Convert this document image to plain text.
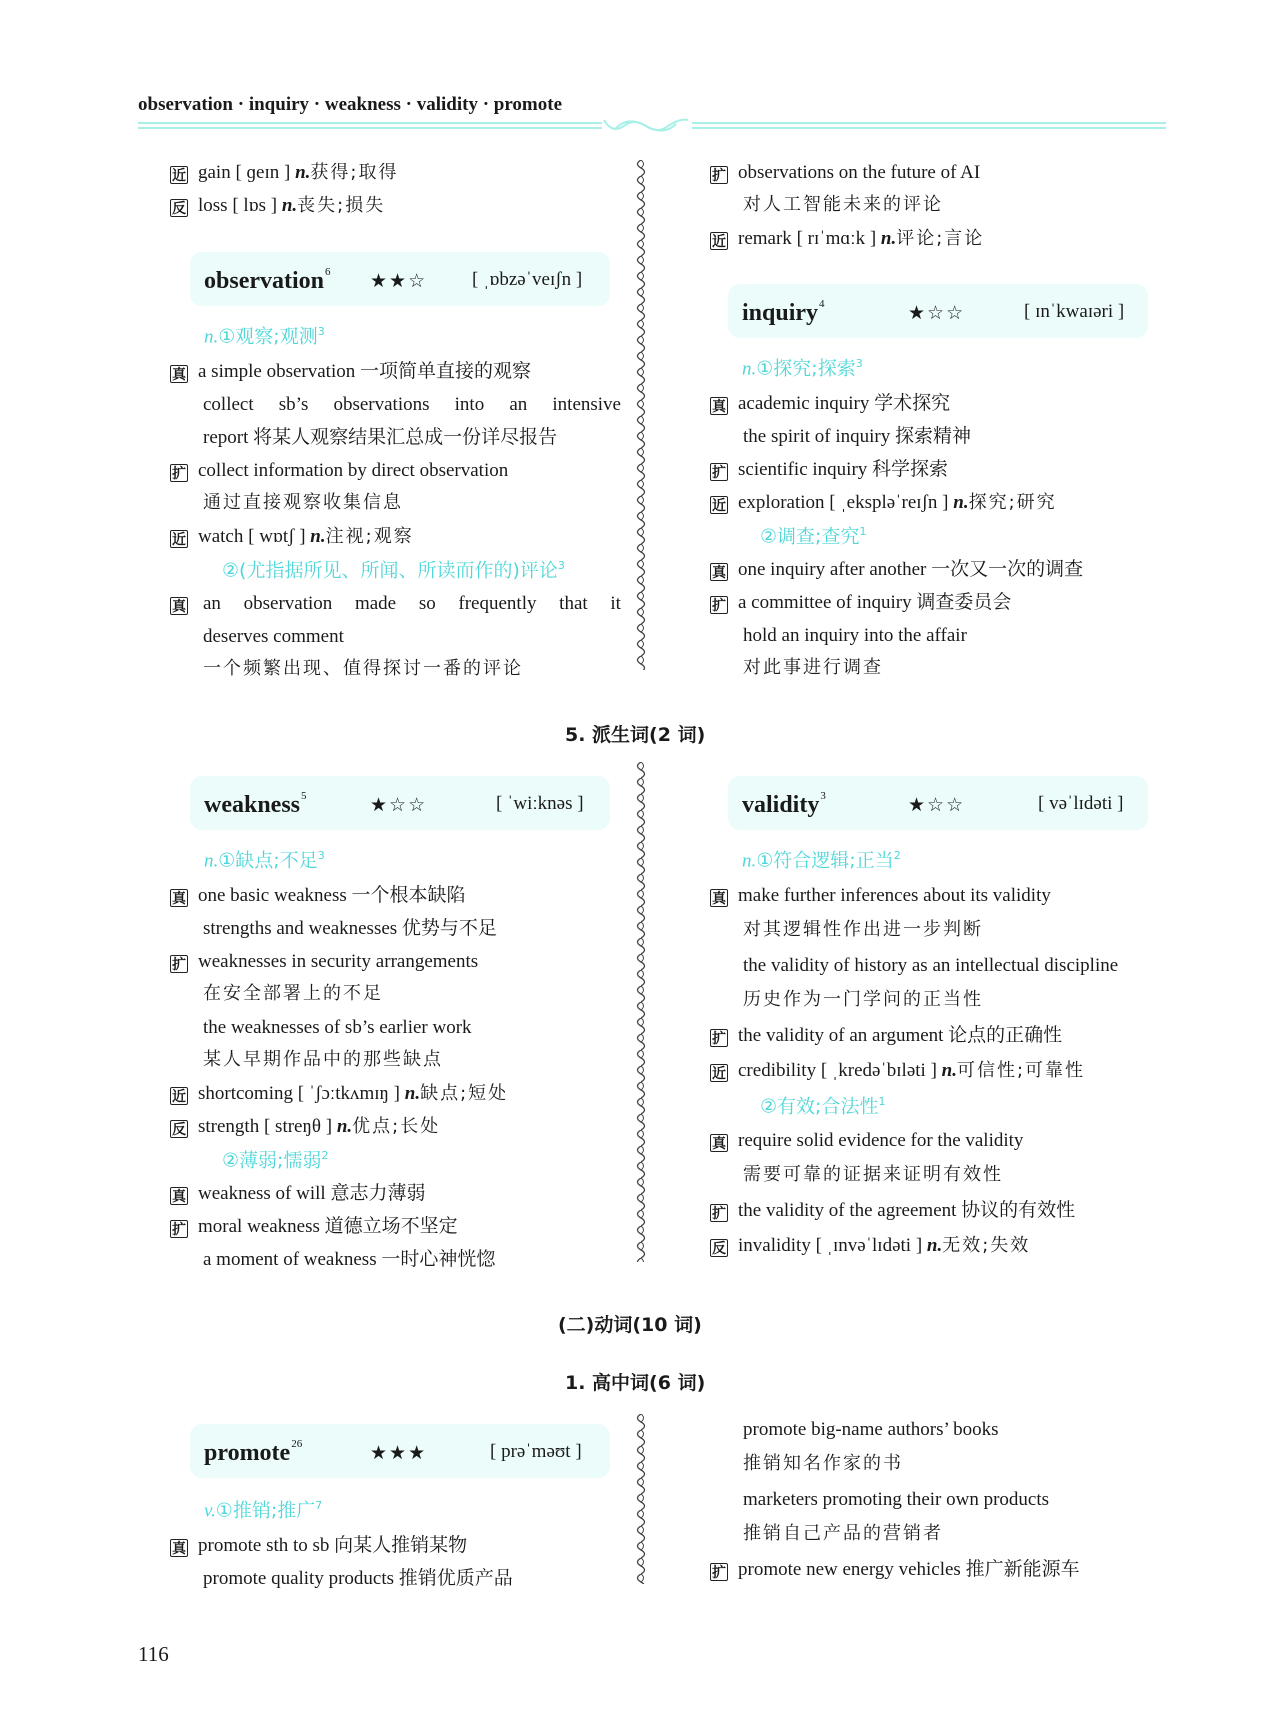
observation · inquiry · weakness · validity · promote
近 gain [ ɡeɪn ] n.获得;取得
反 loss [ lɒs ] n.丧失;损失
observation$^6$ ★★☆ [ ˌɒbzəˈveɪʃn ]
n.①观察;观测$^3$
真 a simple observation 一项简单直接的观察
collect sb’s observations into an intensive
report 将某人观察结果汇总成一份详尽报告
扩 collect information by direct observation
通过直接观察收集信息
近 watch [ wɒtʃ ] n.注视;观察
②(尤指据所见、所闻、所读而作的)评论$^3$
真 an observation made so frequently that it
deserves comment
一个频繁出现、值得探讨一番的评论
扩 observations on the future of AI
对人工智能未来的评论
近 remark [ rɪˈmɑːk ] n.评论;言论
inquiry$^4$	★☆☆	[ ɪnˈkwaɪəri ]
n.①探究;探索$^3$
真 academic inquiry 学术探究
the spirit of inquiry 探索精神
扩 scientific inquiry 科学探索
近 exploration [ ˌekspləˈreɪʃn ] n.探究;研究
②调查;查究$^1$
真 one inquiry after another 一次又一次的调查
扩 a committee of inquiry 调查委员会
hold an inquiry into the affair
对此事进行调查
5. 派生词(2 词)
weakness$^5$	★☆☆	[ ˈwiːknəs ]
n.①缺点;不足$^3$
真 one basic weakness 一个根本缺陷
strengths and weaknesses 优势与不足
扩 weaknesses in security arrangements
在安全部署上的不足
the weaknesses of sb’s earlier work
某人早期作品中的那些缺点
近 shortcoming [ ˈʃɔːtkʌmɪŋ ] n.缺点;短处
反 strength [ streŋθ ] n.优点;长处
②薄弱;懦弱$^2$
真 weakness of will 意志力薄弱
扩 moral weakness 道德立场不坚定
a moment of weakness 一时心神恍惚
validity$^3$	★☆☆	[ vəˈlɪdəti ]
n.①符合逻辑;正当$^2$
真 make further inferences about its validity
对其逻辑性作出进一步判断
the validity of history as an intellectual discipline
历史作为一门学问的正当性
扩 the validity of an argument 论点的正确性
近 credibility [ ˌkredəˈbɪləti ] n.可信性;可靠性
②有效;合法性$^1$
真 require solid evidence for the validity
需要可靠的证据来证明有效性
扩 the validity of the agreement 协议的有效性
反 invalidity [ ˌɪnvəˈlɪdəti ] n.无效;失效
(二)动词(10 词)
1. 高中词(6 词)
promote$^{26}$	★★★	[ prəˈməʊt ]
v.①推销;推广$^7$
真 promote sth to sb 向某人推销某物
promote quality products 推销优质产品
promote big-name authors’ books
推销知名作家的书
marketers promoting their own products
推销自己产品的营销者
扩 promote new energy vehicles 推广新能源车
116
